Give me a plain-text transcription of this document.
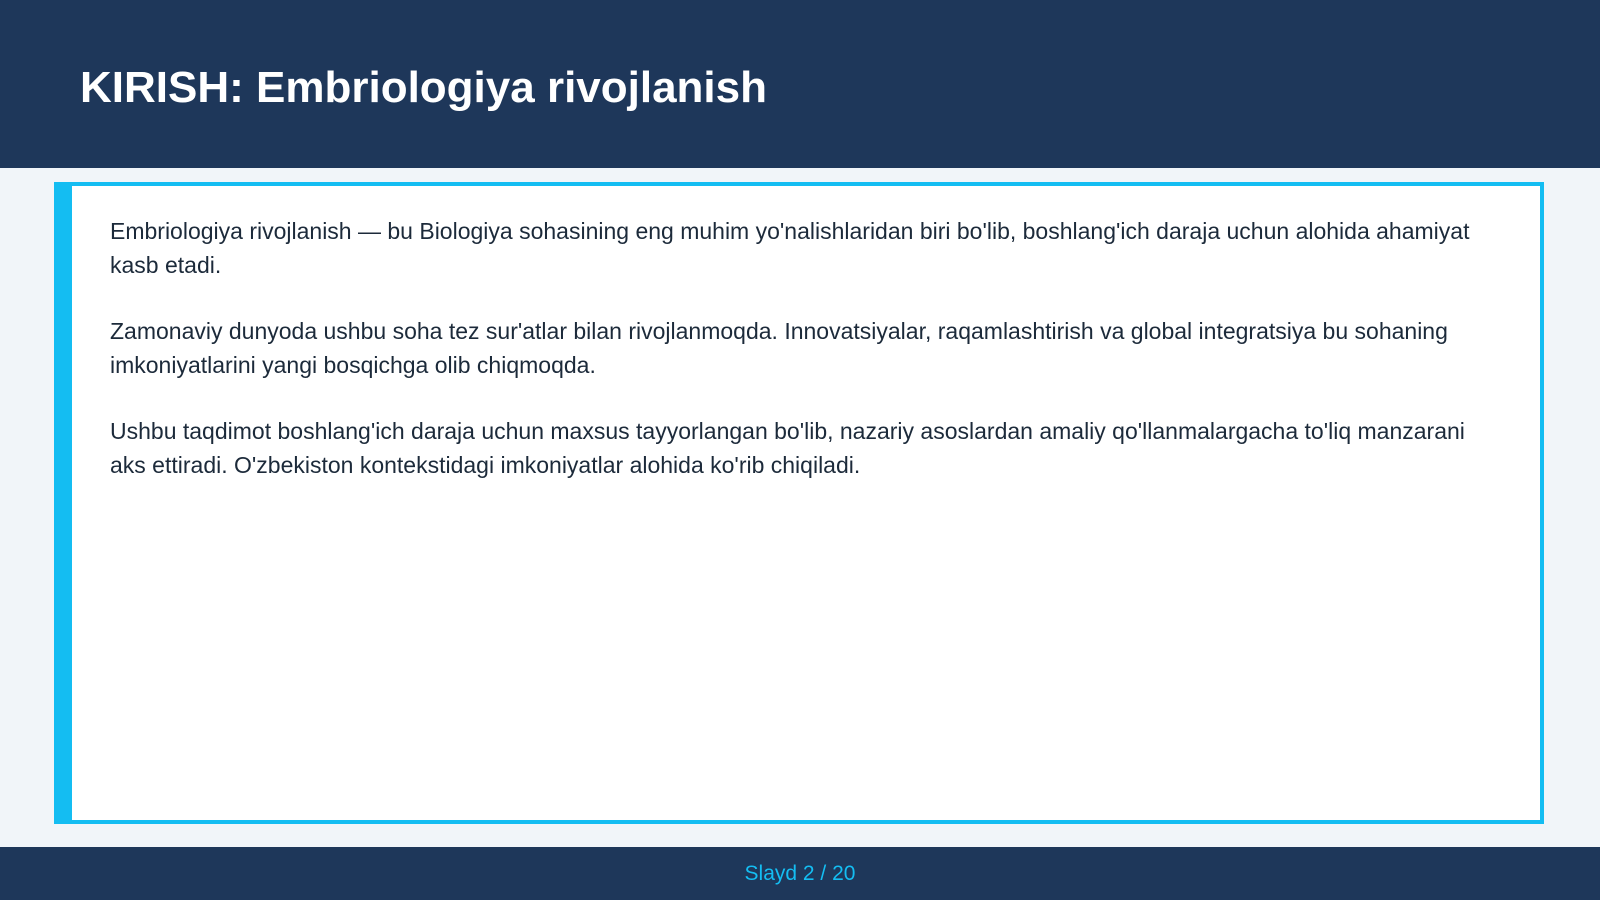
KIRISH: Embriologiya rivojlanish

Embriologiya rivojlanish — bu Biologiya sohasining eng muhim yo'nalishlaridan biri bo'lib, boshlang'ich daraja uchun alohida ahamiyat kasb etadi.

Zamonaviy dunyoda ushbu soha tez sur'atlar bilan rivojlanmoqda. Innovatsiyalar, raqamlashtirish va global integratsiya bu sohaning imkoniyatlarini yangi bosqichga olib chiqmoqda.

Ushbu taqdimot boshlang'ich daraja uchun maxsus tayyorlangan bo'lib, nazariy asoslardan amaliy qo'llanmalargacha to'liq manzarani aks ettiradi. O'zbekiston kontekstidagi imkoniyatlar alohida ko'rib chiqiladi.

Slayd 2 / 20
